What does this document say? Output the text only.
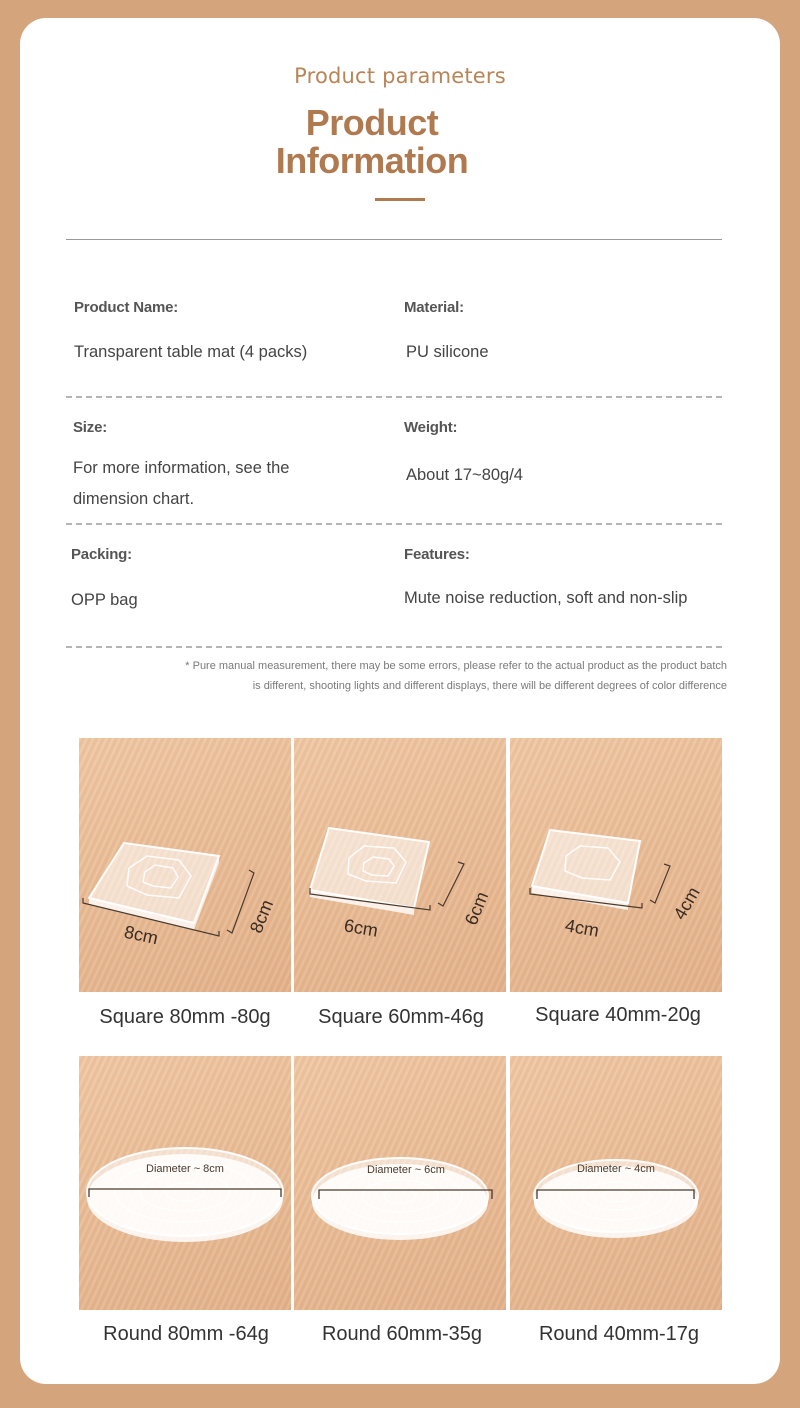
Product parameters
Product Information
Product Name:
Transparent table mat (4 packs)
Material:
PU silicone
Size:
For more information, see the
dimension chart.
Weight:
About 17~80g/4
Packing:
OPP bag
Features:
Mute noise reduction, soft and non-slip
* Pure manual measurement, there may be some errors, please refer to the actual product as the product batch
is different, shooting lights and different displays, there will be different degrees of color difference
8cm	8cm
Square 80mm -80g
6cm
6cm
Square 60mm-46g
4cm
4cm
Square 40mm-20g
Diameter ~ 8cm
Round 80mm -64g
Diameter ~ 6cm
Round 60mm-35g
Diameter ~ 4cm
Round 40mm-17g
